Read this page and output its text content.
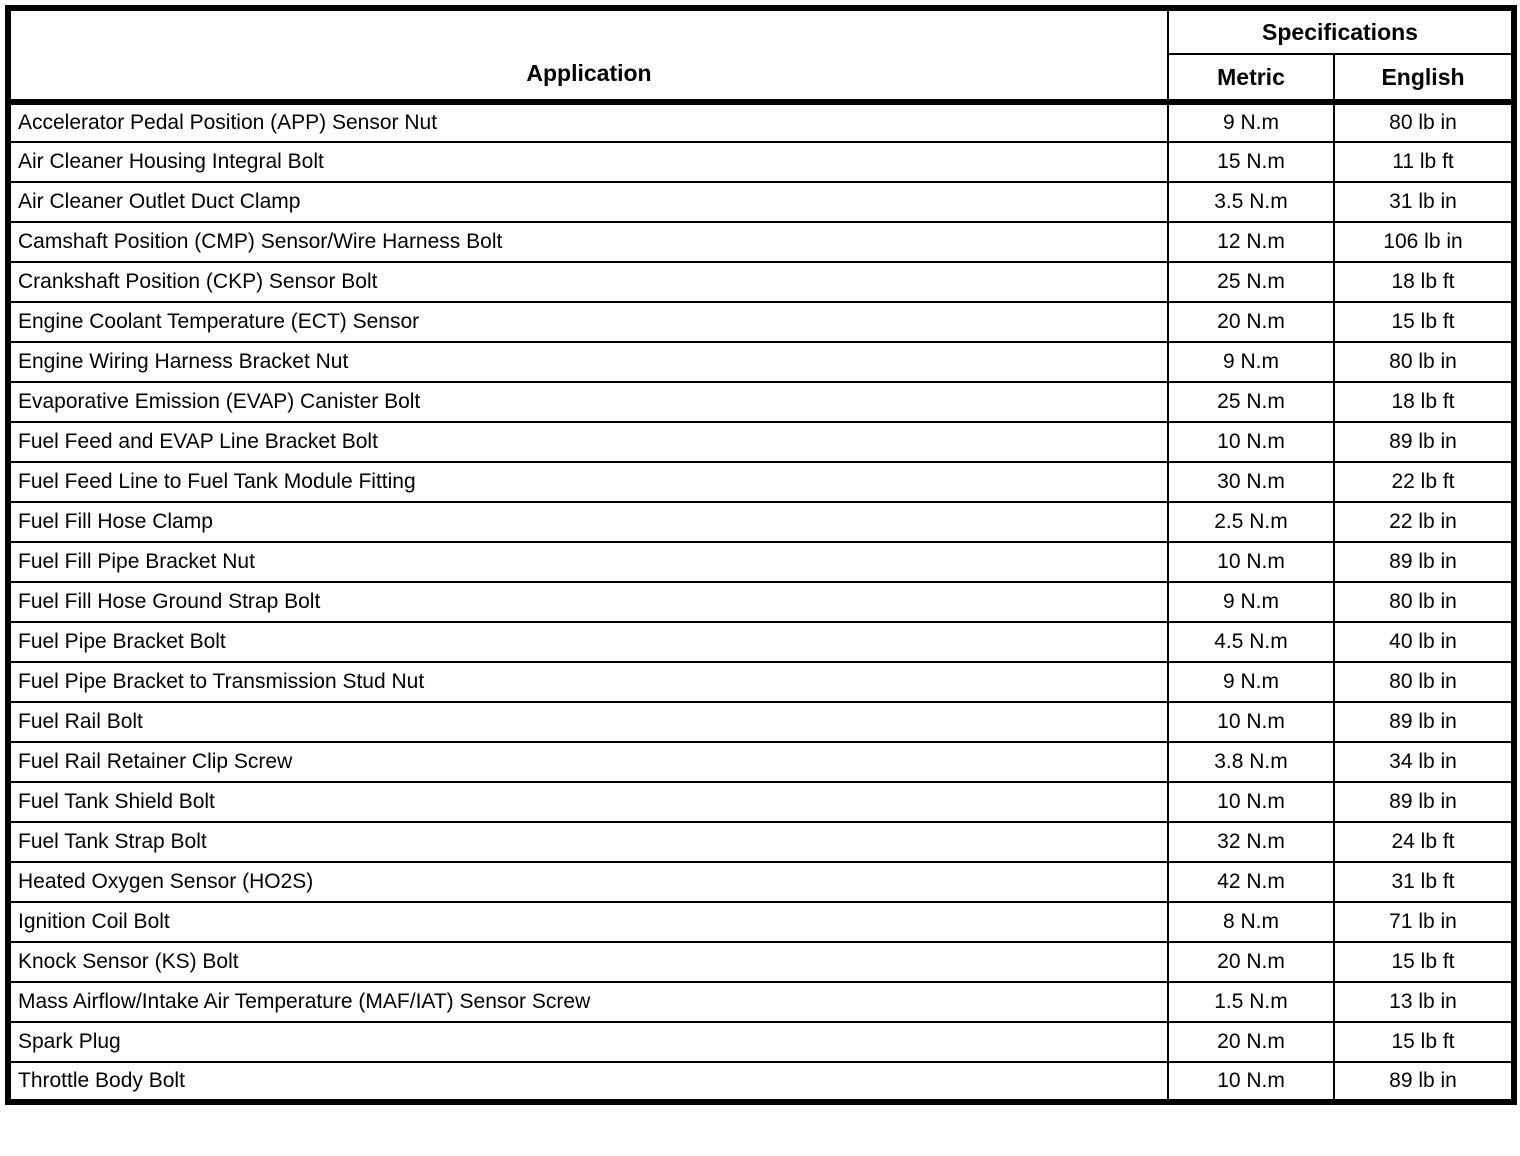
Application	Specifications	
	Metric	English
Accelerator Pedal Position (APP) Sensor Nut	9 N.m	80 lb in
Air Cleaner Housing Integral Bolt	15 N.m	11 lb ft
Air Cleaner Outlet Duct Clamp	3.5 N.m	31 lb in
Camshaft Position (CMP) Sensor/Wire Harness Bolt	12 N.m	106 lb in
Crankshaft Position (CKP) Sensor Bolt	25 N.m	18 lb ft
Engine Coolant Temperature (ECT) Sensor	20 N.m	15 lb ft
Engine Wiring Harness Bracket Nut	9 N.m	80 lb in
Evaporative Emission (EVAP) Canister Bolt	25 N.m	18 lb ft
Fuel Feed and EVAP Line Bracket Bolt	10 N.m	89 lb in
Fuel Feed Line to Fuel Tank Module Fitting	30 N.m	22 lb ft
Fuel Fill Hose Clamp	2.5 N.m	22 lb in
Fuel Fill Pipe Bracket Nut	10 N.m	89 lb in
Fuel Fill Hose Ground Strap Bolt	9 N.m	80 lb in
Fuel Pipe Bracket Bolt	4.5 N.m	40 lb in
Fuel Pipe Bracket to Transmission Stud Nut	9 N.m	80 lb in
Fuel Rail Bolt	10 N.m	89 lb in
Fuel Rail Retainer Clip Screw	3.8 N.m	34 lb in
Fuel Tank Shield Bolt	10 N.m	89 lb in
Fuel Tank Strap Bolt	32 N.m	24 lb ft
Heated Oxygen Sensor (HO2S)	42 N.m	31 lb ft
Ignition Coil Bolt	8 N.m	71 lb in
Knock Sensor (KS) Bolt	20 N.m	15 lb ft
Mass Airflow/Intake Air Temperature (MAF/IAT) Sensor Screw	1.5 N.m	13 lb in
Spark Plug	20 N.m	15 lb ft
Throttle Body Bolt	10 N.m	89 lb in
